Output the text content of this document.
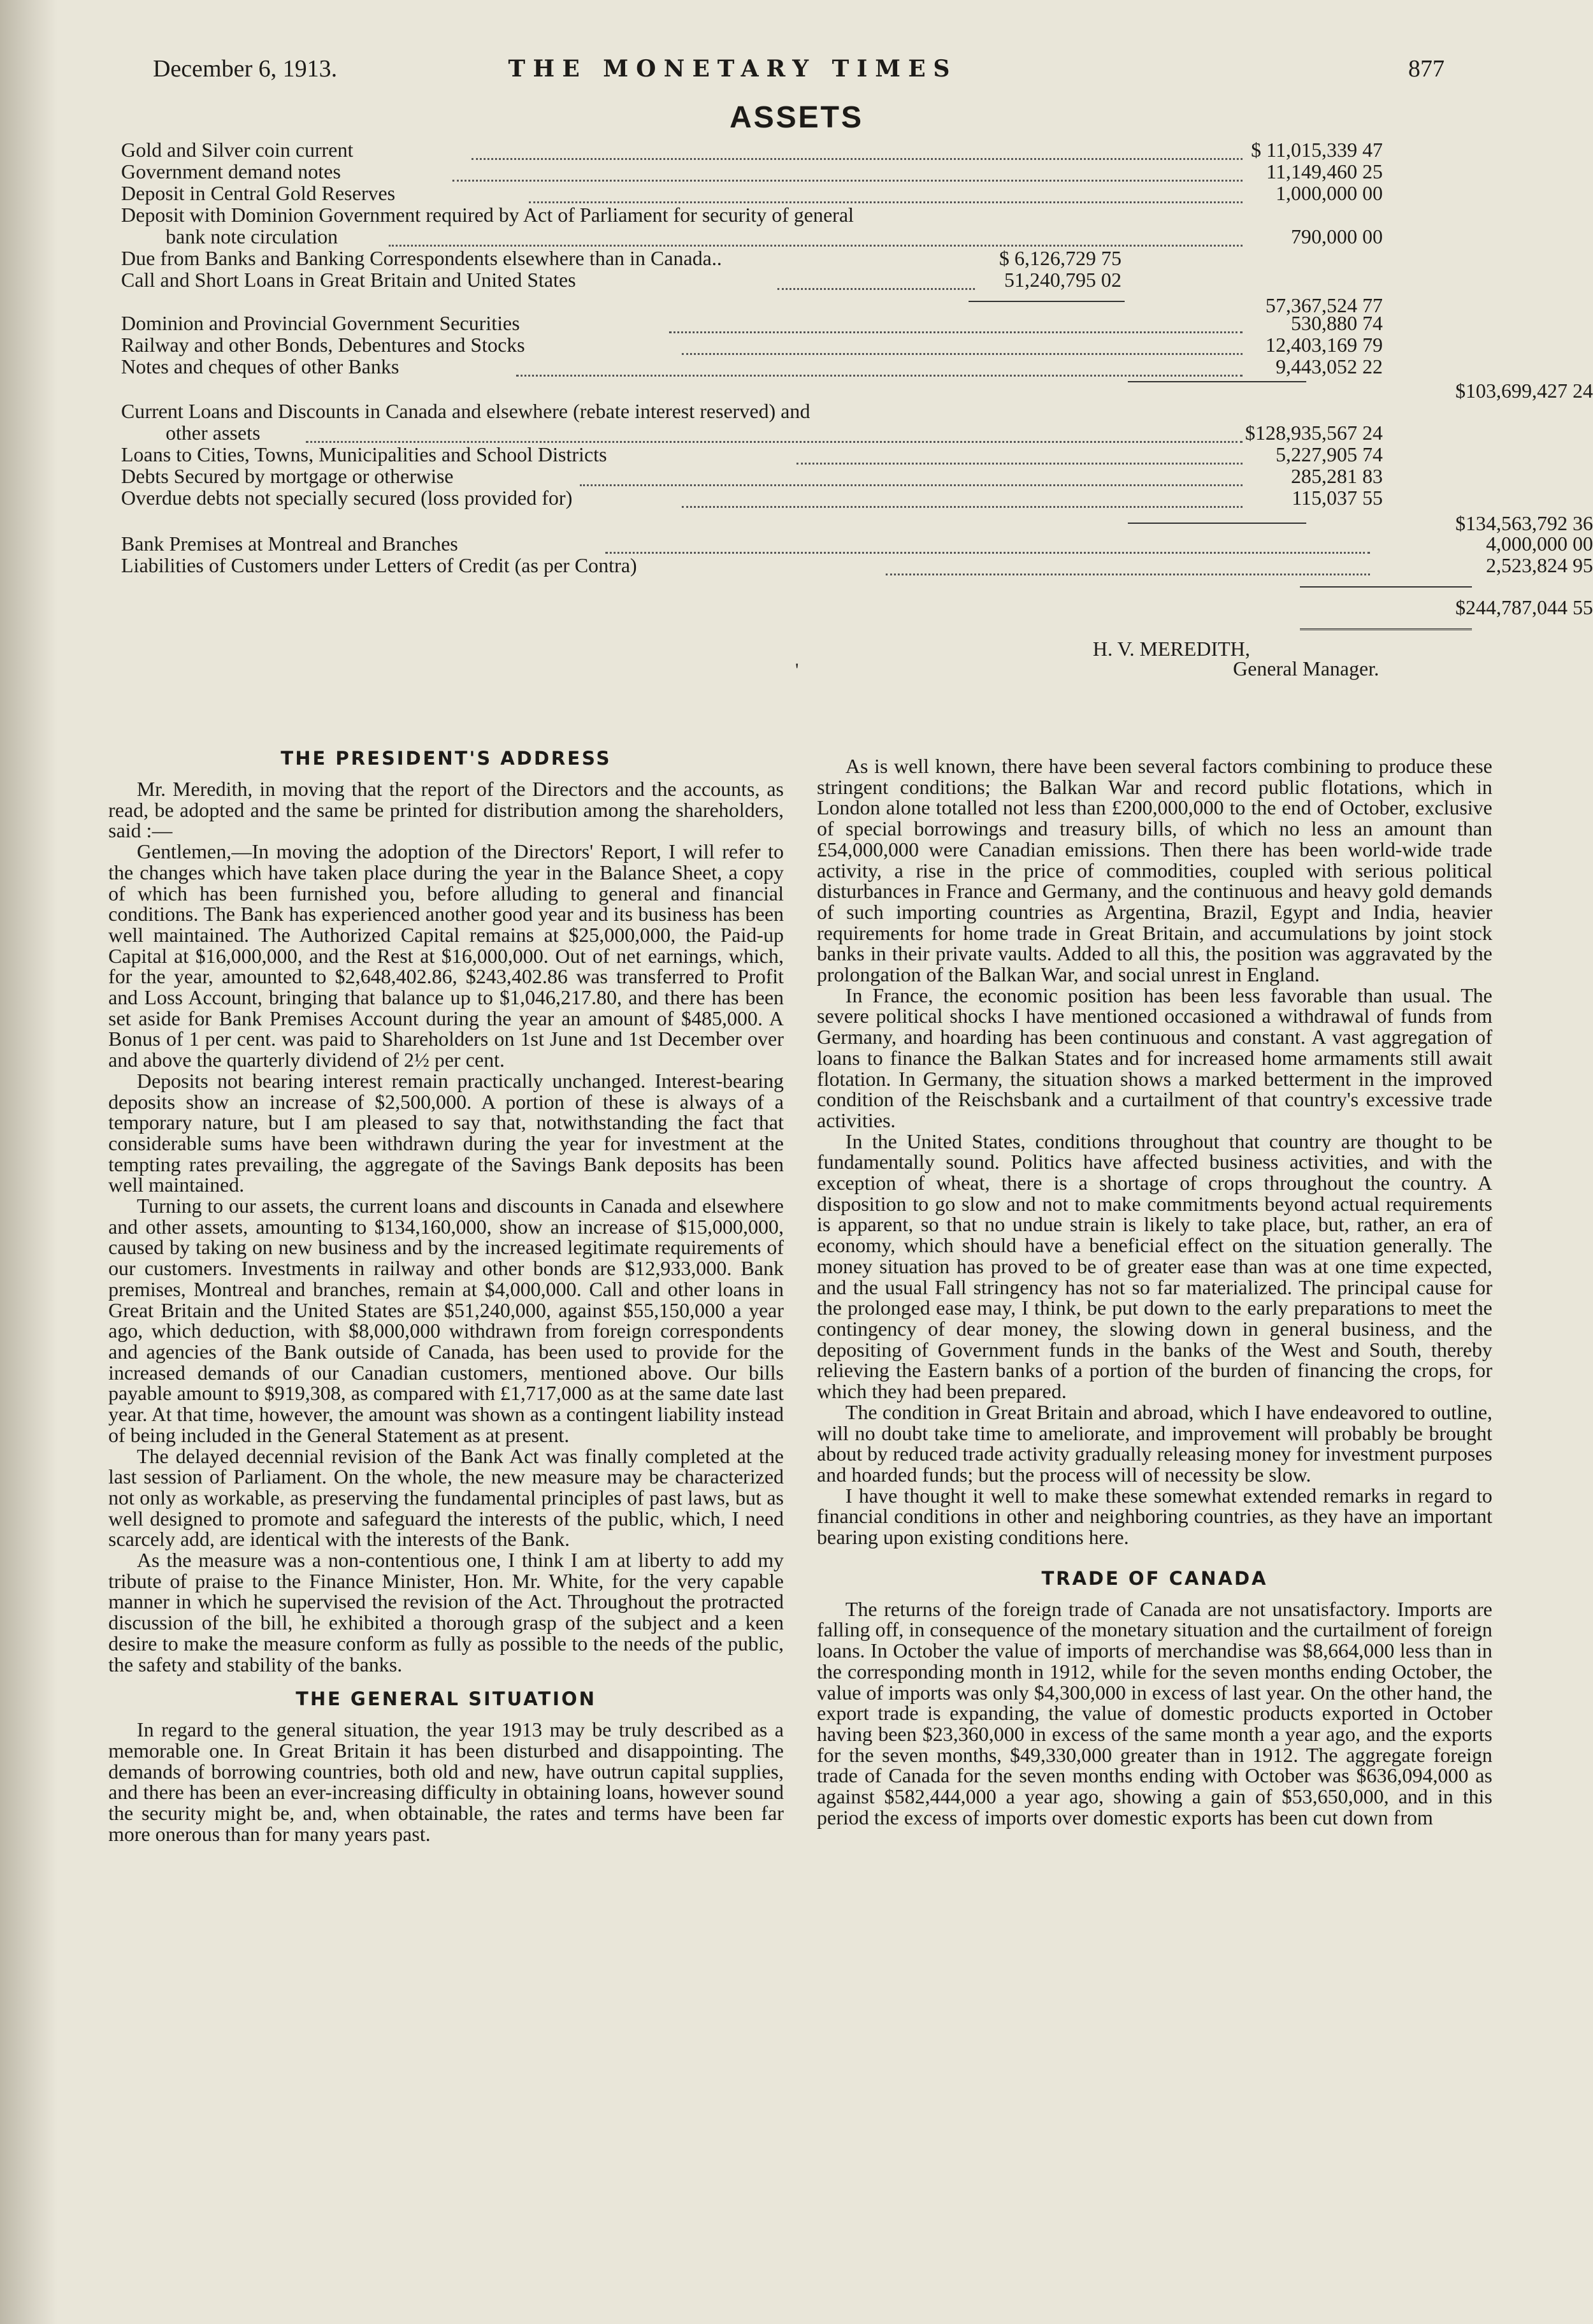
December 6, 1913.	THE MONETARY TIMES	877
ASSETS
Gold and Silver coin current	$ 11,015,339 47
Government demand notes	11,149,460 25
Deposit in Central Gold Reserves	1,000,000 00
Deposit with Dominion Government required by Act of Parliament for security of general
bank note circulation	790,000 00
Due from Banks and Banking Correspondents elsewhere than in Canada..	$ 6,126,729 75
Call and Short Loans in Great Britain and United States	51,240,795 02
57,367,524 77
Dominion and Provincial Government Securities	530,880 74
Railway and other Bonds, Debentures and Stocks	12,403,169 79
Notes and cheques of other Banks	9,443,052 22
$103,699,427 24
Current Loans and Discounts in Canada and elsewhere (rebate interest reserved) and
other assets	$128,935,567 24
Loans to Cities, Towns, Municipalities and School Districts	5,227,905 74
Debts Secured by mortgage or otherwise	285,281 83
Overdue debts not specially secured (loss provided for)	115,037 55
$134,563,792 36
Bank Premises at Montreal and Branches	4,000,000 00
Liabilities of Customers under Letters of Credit (as per Contra)	2,523,824 95
$244,787,044 55
H. V. MEREDITH,
General Manager.
'
THE PRESIDENT'S ADDRESS

Mr. Meredith, in moving that the report of the Directors and the accounts, as read, be adopted and the same be printed for distribution among the shareholders, said :—

Gentlemen,—In moving the adoption of the Directors' Report, I will refer to the changes which have taken place during the year in the Balance Sheet, a copy of which has been furnished you, before alluding to general and financial conditions. The Bank has experienced another good year and its business has been well maintained. The Authorized Capital remains at $25,000,000, the Paid-up Capital at $16,000,000, and the Rest at $16,000,000. Out of net earnings, which, for the year, amounted to $2,648,402.86, $243,402.86 was transferred to Profit and Loss Account, bringing that balance up to $1,046,217.80, and there has been set aside for Bank Premises Account during the year an amount of $485,000. A Bonus of 1 per cent. was paid to Shareholders on 1st June and 1st December over and above the quarterly dividend of 2½ per cent.

Deposits not bearing interest remain practically unchanged. Interest-bearing deposits show an increase of $2,500,000. A portion of these is always of a temporary nature, but I am pleased to say that, notwithstanding the fact that considerable sums have been withdrawn during the year for investment at the tempting rates prevailing, the aggregate of the Savings Bank deposits has been well maintained.

Turning to our assets, the current loans and discounts in Canada and elsewhere and other assets, amounting to $134,160,000, show an increase of $15,000,000, caused by taking on new business and by the increased legitimate requirements of our customers. Investments in railway and other bonds are $12,933,000. Bank premises, Montreal and branches, remain at $4,000,000. Call and other loans in Great Britain and the United States are $51,240,000, against $55,150,000 a year ago, which deduction, with $8,000,000 withdrawn from foreign correspondents and agencies of the Bank outside of Canada, has been used to provide for the increased demands of our Canadian customers, mentioned above. Our bills payable amount to $919,308, as compared with £1,717,000 as at the same date last year. At that time, however, the amount was shown as a contingent liability instead of being included in the General Statement as at present.

The delayed decennial revision of the Bank Act was finally completed at the last session of Parliament. On the whole, the new measure may be characterized not only as workable, as preserving the fundamental principles of past laws, but as well designed to promote and safeguard the interests of the public, which, I need scarcely add, are identical with the interests of the Bank.

As the measure was a non-contentious one, I think I am at liberty to add my tribute of praise to the Finance Minister, Hon. Mr. White, for the very capable manner in which he supervised the revision of the Act. Throughout the protracted discussion of the bill, he exhibited a thorough grasp of the subject and a keen desire to make the measure conform as fully as possible to the needs of the public, the safety and stability of the banks.

THE GENERAL SITUATION

In regard to the general situation, the year 1913 may be truly described as a memorable one. In Great Britain it has been disturbed and disappointing. The demands of borrowing countries, both old and new, have outrun capital supplies, and there has been an ever-increasing difficulty in obtaining loans, however sound the security might be, and, when obtainable, the rates and terms have been far more onerous than for many years past.

As is well known, there have been several factors combining to produce these stringent conditions; the Balkan War and record public flotations, which in London alone totalled not less than £200,000,000 to the end of October, exclusive of special borrowings and treasury bills, of which no less an amount than £54,000,000 were Canadian emissions. Then there has been world-wide trade activity, a rise in the price of commodities, coupled with serious political disturbances in France and Germany, and the continuous and heavy gold demands of such importing countries as Argentina, Brazil, Egypt and India, heavier requirements for home trade in Great Britain, and accumulations by joint stock banks in their private vaults. Added to all this, the position was aggravated by the prolongation of the Balkan War, and social unrest in England.

In France, the economic position has been less favorable than usual. The severe political shocks I have mentioned occasioned a withdrawal of funds from Germany, and hoarding has been continuous and constant. A vast aggregation of loans to finance the Balkan States and for increased home armaments still await flotation. In Germany, the situation shows a marked betterment in the improved condition of the Reischsbank and a curtailment of that country's excessive trade activities.

In the United States, conditions throughout that country are thought to be fundamentally sound. Politics have affected business activities, and with the exception of wheat, there is a shortage of crops throughout the country. A disposition to go slow and not to make commitments beyond actual requirements is apparent, so that no undue strain is likely to take place, but, rather, an era of economy, which should have a beneficial effect on the situation generally. The money situation has proved to be of greater ease than was at one time expected, and the usual Fall stringency has not so far materialized. The principal cause for the prolonged ease may, I think, be put down to the early preparations to meet the contingency of dear money, the slowing down in general business, and the depositing of Government funds in the banks of the West and South, thereby relieving the Eastern banks of a portion of the burden of financing the crops, for which they had been prepared.

The condition in Great Britain and abroad, which I have endeavored to outline, will no doubt take time to ameliorate, and improvement will probably be brought about by reduced trade activity gradually releasing money for investment purposes and hoarded funds; but the process will of necessity be slow.

I have thought it well to make these somewhat extended remarks in regard to financial conditions in other and neighboring countries, as they have an important bearing upon existing conditions here.

TRADE OF CANADA

The returns of the foreign trade of Canada are not unsatisfactory. Imports are falling off, in consequence of the monetary situation and the curtailment of foreign loans. In October the value of imports of merchandise was $8,664,000 less than in the corresponding month in 1912, while for the seven months ending October, the value of imports was only $4,300,000 in excess of last year. On the other hand, the export trade is expanding, the value of domestic products exported in October having been $23,360,000 in excess of the same month a year ago, and the exports for the seven months, $49,330,000 greater than in 1912. The aggregate foreign trade of Canada for the seven months ending with October was $636,094,000 as against $582,444,000 a year ago, showing a gain of $53,650,000, and in this period the excess of imports over domestic exports has been cut down from
